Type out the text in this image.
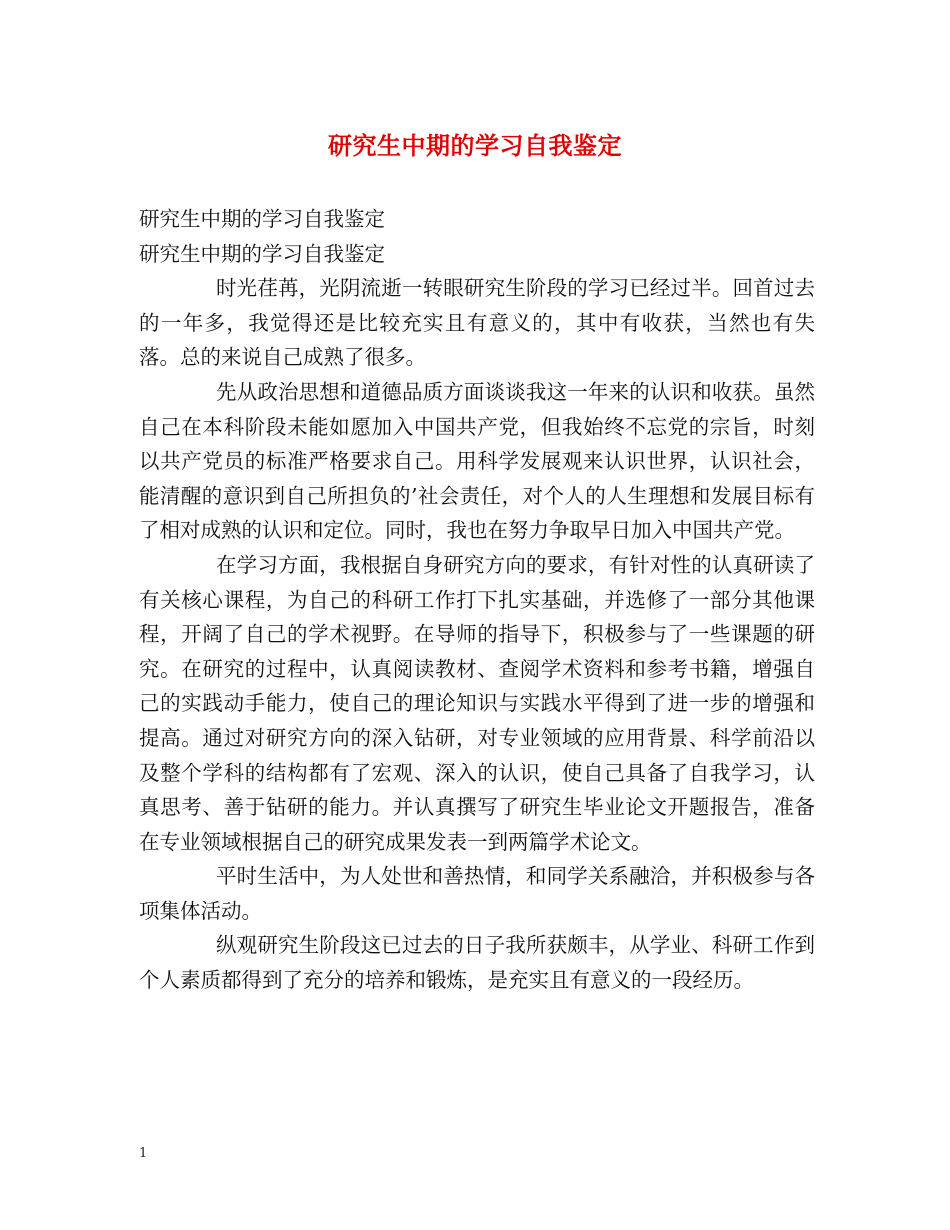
研究生中期的学习自我鉴定

研究生中期的学习自我鉴定

研究生中期的学习自我鉴定

时光荏苒，光阴流逝一转眼研究生阶段的学习已经过半。回首过去的一年多，我觉得还是比较充实且有意义的，其中有收获，当然也有失落。总的来说自己成熟了很多。

先从政治思想和道德品质方面谈谈我这一年来的认识和收获。虽然自己在本科阶段未能如愿加入中国共产党，但我始终不忘党的宗旨，时刻以共产党员的标准严格要求自己。用科学发展观来认识世界，认识社会，能清醒的意识到自己所担负的’社会责任，对个人的人生理想和发展目标有了相对成熟的认识和定位。同时，我也在努力争取早日加入中国共产党。

在学习方面，我根据自身研究方向的要求，有针对性的认真研读了有关核心课程，为自己的科研工作打下扎实基础，并选修了一部分其他课程，开阔了自己的学术视野。在导师的指导下，积极参与了一些课题的研究。在研究的过程中，认真阅读教材、查阅学术资料和参考书籍，增强自己的实践动手能力，使自己的理论知识与实践水平得到了进一步的增强和提高。通过对研究方向的深入钻研，对专业领域的应用背景、科学前沿以及整个学科的结构都有了宏观、深入的认识，使自己具备了自我学习，认真思考、善于钻研的能力。并认真撰写了研究生毕业论文开题报告，准备在专业领域根据自己的研究成果发表一到两篇学术论文。

平时生活中，为人处世和善热情，和同学关系融洽，并积极参与各项集体活动。

纵观研究生阶段这已过去的日子我所获颇丰，从学业、科研工作到个人素质都得到了充分的培养和锻炼，是充实且有意义的一段经历。

1
